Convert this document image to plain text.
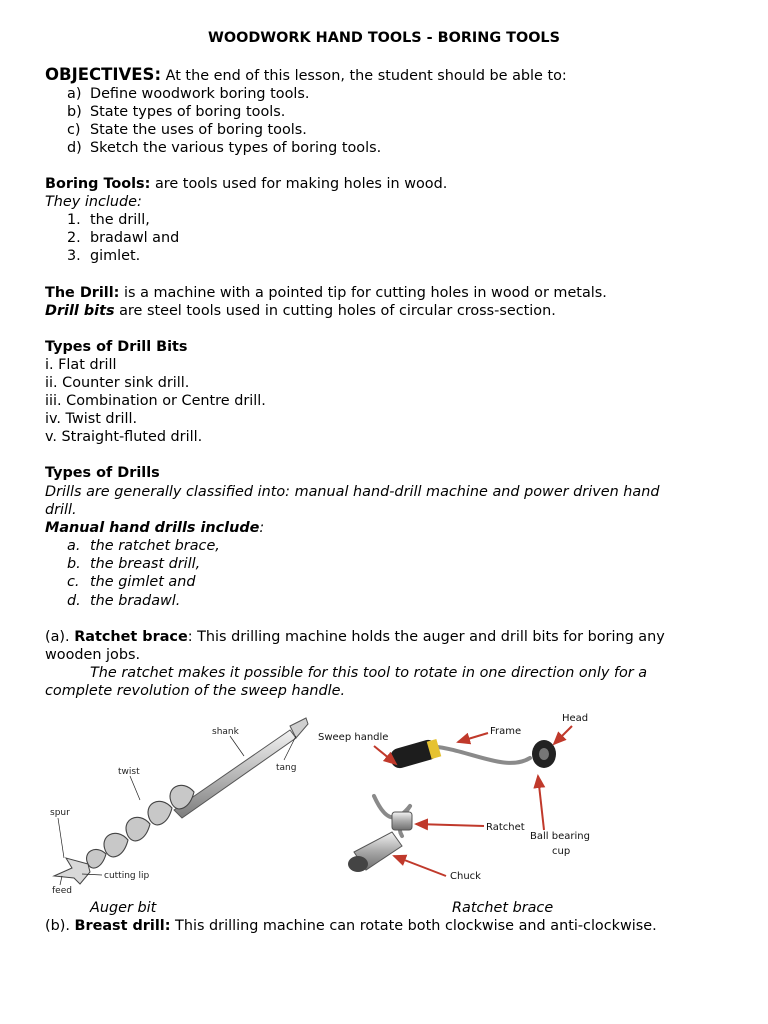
WOODWORK HAND TOOLS - BORING TOOLS
OBJECTIVES: At the end of this lesson, the student should be able to:
a) Define woodwork boring tools.
b) State types of boring tools.
c) State the uses of boring tools.
d) Sketch the various types of boring tools.
Boring Tools: are tools used for making holes in wood.
They include:
1. the drill,
2. bradawl and
3. gimlet.
The Drill: is a machine with a pointed tip for cutting holes in wood or metals.
Drill bits are steel tools used in cutting holes of circular cross-section.
Types of Drill Bits
i. Flat drill
ii. Counter sink drill.
iii. Combination or Centre drill.
iv. Twist drill.
v. Straight-fluted drill.
Types of Drills
Drills are generally classified into: manual hand-drill machine and power driven hand
drill.
Manual hand drills include:
a. the ratchet brace,
b. the breast drill,
c. the gimlet and
d. the bradawl.
(a). Ratchet brace: This drilling machine holds the auger and drill bits for boring any
wooden jobs.
The ratchet makes it possible for this tool to rotate in one direction only for a
complete revolution of the sweep handle.
shank
tang
twist
spur
cutting lip
feed
Sweep handle
Frame
Head
Ratchet
Ball bearing
cup
Chuck
Auger bit	Ratchet brace
(b). Breast drill: This drilling machine can rotate both clockwise and anti-clockwise.
